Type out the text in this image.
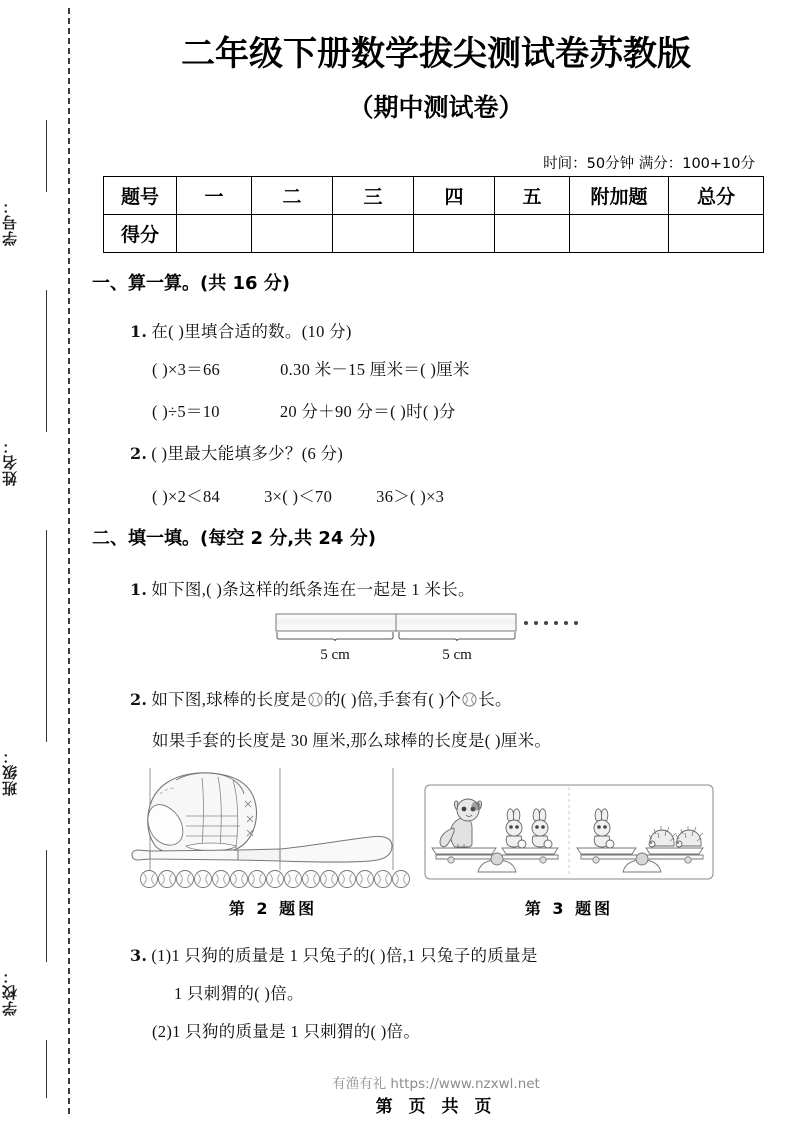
学号：
姓名：
班级：
学校：
二年级下册数学拔尖测试卷苏教版
（期中测试卷）
时间：50分钟 满分：100+10分
题号	一	二	三	四	五	附加题	总分
得分							
一、算一算。(共 16 分)
1. 在( )里填合适的数。(10 分)
( )×3＝66	0.30 米－15 厘米＝( )厘米
( )÷5＝10	20 分＋90 分＝( )时( )分
2. ( )里最大能填多少？(6 分)
( )×2＜84	3×( )＜70	36＞( )×3
二、填一填。(每空 2 分,共 24 分)
1. 如下图,( )条这样的纸条连在一起是 1 米长。
5 cm	5 cm
2. 如下图,球棒的长度是 的( )倍,手套有( )个 长。
如果手套的长度是 30 厘米,那么球棒的长度是( )厘米。
第 2 题图	第 3 题图
3. (1)1 只狗的质量是 1 只兔子的( )倍,1 只兔子的质量是
1 只刺猬的( )倍。
(2)1 只狗的质量是 1 只刺猬的( )倍。
有渔有礼 https://www.nzxwl.net
第 页 共 页
